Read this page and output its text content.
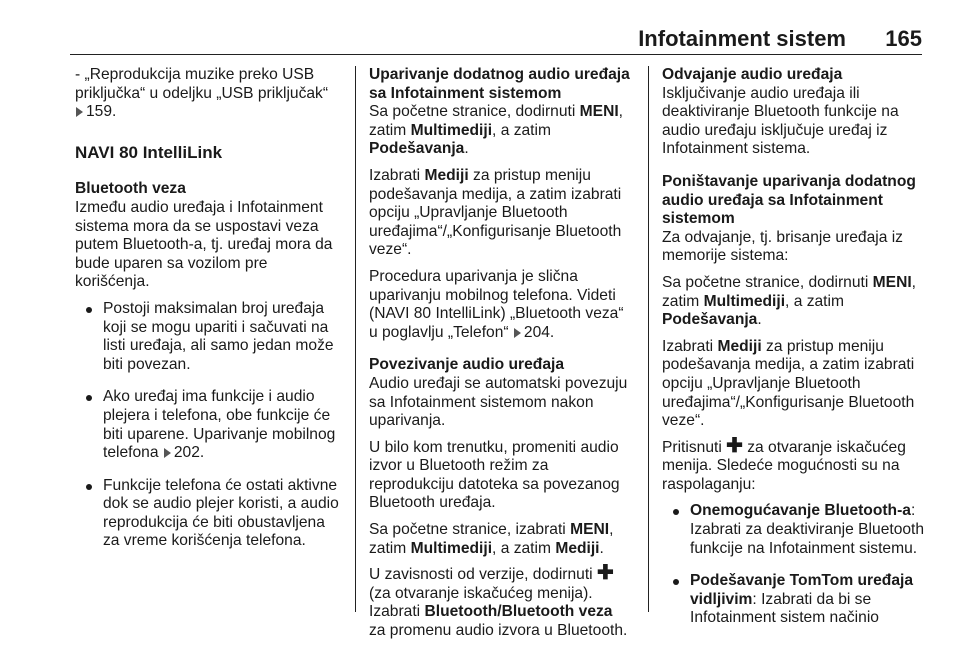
Infotainment sistem 165

- „Reprodukcija muzike preko USB priključka“ u odeljku „USB priključak“ 159.

NAVI 80 IntelliLink
Bluetooth veza

Između audio uređaja i Infotainment sistema mora da se uspostavi veza putem Bluetooth-a, tj. uređaj mora da bude uparen sa vozilom pre korišćenja.

Postoji maksimalan broj uređaja koji se mogu upariti i sačuvati na listi uređaja, ali samo jedan može biti povezan.
Ako uređaj ima funkcije i audio plejera i telefona, obe funkcije će biti uparene. Uparivanje mobilnog telefona 202.
Funkcije telefona će ostati aktivne dok se audio plejer koristi, a audio reprodukcija će biti obustavljena za vreme korišćenja telefona.
Uparivanje dodatnog audio uređaja sa Infotainment sistemom

Sa početne stranice, dodirnuti MENI, zatim Multimediji, a zatim Podešavanja.

Izabrati Mediji za pristup meniju podešavanja medija, a zatim izabrati opciju „Upravljanje Bluetooth uređajima“/„Konfigurisanje Bluetooth veze“.

Procedura uparivanja je slična uparivanju mobilnog telefona. Videti (NAVI 80 IntelliLink) „Bluetooth veza“ u poglavlju „Telefon“ 204.

Povezivanje audio uređaja

Audio uređaji se automatski povezuju sa Infotainment sistemom nakon uparivanja.

U bilo kom trenutku, promeniti audio izvor u Bluetooth režim za reprodukciju datoteka sa povezanog Bluetooth uređaja.

Sa početne stranice, izabrati MENI, zatim Multimediji, a zatim Mediji.

U zavisnosti od verzije, dodirnuti ✚ (za otvaranje iskačućeg menija). Izabrati Bluetooth/Bluetooth veza za promenu audio izvora u Bluetooth.

Odvajanje audio uređaja

Isključivanje audio uređaja ili deaktiviranje Bluetooth funkcije na audio uređaju isključuje uređaj iz Infotainment sistema.

Poništavanje uparivanja dodatnog audio uređaja sa Infotainment sistemom

Za odvajanje, tj. brisanje uređaja iz memorije sistema:

Sa početne stranice, dodirnuti MENI, zatim Multimediji, a zatim Podešavanja.

Izabrati Mediji za pristup meniju podešavanja medija, a zatim izabrati opciju „Upravljanje Bluetooth uređajima“/„Konfigurisanje Bluetooth veze“.

Pritisnuti ✚ za otvaranje iskačućeg menija. Sledeće mogućnosti su na raspolaganju:

Onemogućavanje Bluetooth-a: Izabrati za deaktiviranje Bluetooth funkcije na Infotainment sistemu.
Podešavanje TomTom uređaja vidljivim: Izabrati da bi se Infotainment sistem načinio
